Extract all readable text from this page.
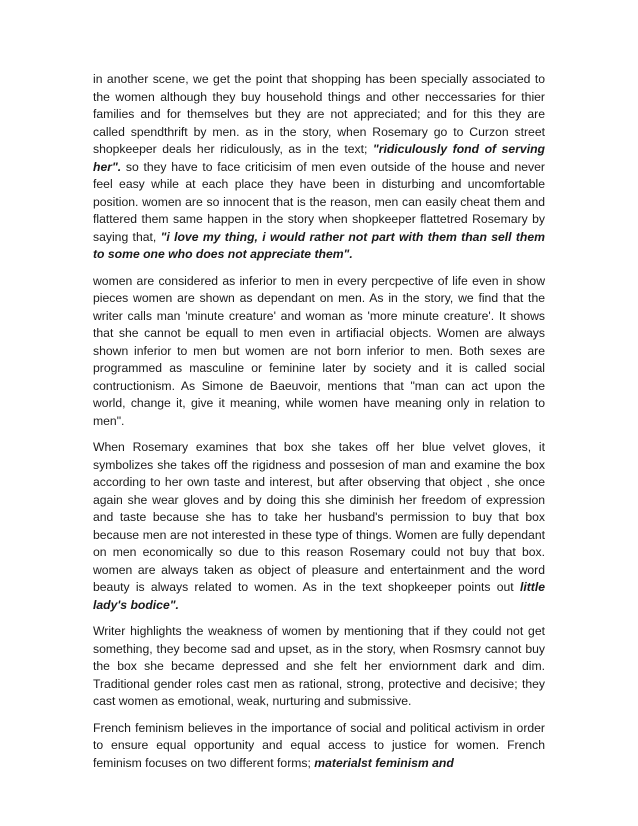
in another scene, we get the point that shopping has been specially associated to the women although they buy household things and other neccessaries for thier families and for themselves but they are not appreciated; and for this they are called spendthrift by men. as in the story, when Rosemary go to Curzon street shopkeeper deals her ridiculously, as in the text; "ridiculously fond of serving her". so they have to face criticisim of men even outside of the house and never feel easy while at each place they have been in disturbing and uncomfortable position. women are so innocent that is the reason, men can easily cheat them and flattered them same happen in the story when shopkeeper flattetred Rosemary by saying that, "i love my thing, i would rather not part with them than sell them to some one who does not appreciate them".

women are considered as inferior to men in every percpective of life even in show pieces women are shown as dependant on men. As in the story, we find that the writer calls man 'minute creature' and woman as 'more minute creature'. It shows that she cannot be equall to men even in artifiacial objects. Women are always shown inferior to men but women are not born inferior to men. Both sexes are programmed as masculine or feminine later by society and it is called social contructionism. As Simone de Baeuvoir, mentions that "man can act upon the world, change it, give it meaning, while women have meaning only in relation to men".

When Rosemary examines that box she takes off her blue velvet gloves, it symbolizes she takes off the rigidness and possesion of man and examine the box according to her own taste and interest, but after observing that object , she once again she wear gloves and by doing this she diminish her freedom of expression and taste because she has to take her husband's permission to buy that box because men are not interested in these type of things. Women are fully dependant on men economically so due to this reason Rosemary could not buy that box. women are always taken as object of pleasure and entertainment and the word beauty is always related to women. As in the text shopkeeper points out little lady's bodice".

Writer highlights the weakness of women by mentioning that if they could not get something, they become sad and upset, as in the story, when Rosmsry cannot buy the box she became depressed and she felt her enviornment dark and dim. Traditional gender roles cast men as rational, strong, protective and decisive; they cast women as emotional, weak, nurturing and submissive.

French feminism believes in the importance of social and political activism in order to ensure equal opportunity and equal access to justice for women. French feminism focuses on two different forms; materialst feminism and
